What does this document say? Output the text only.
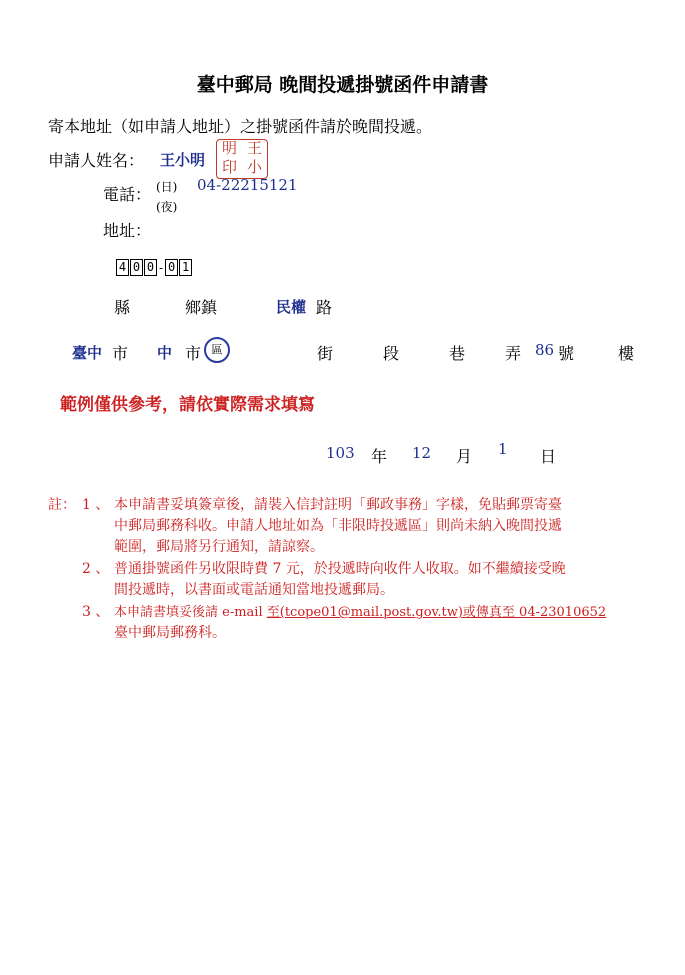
臺中郵局 晚間投遞掛號函件申請書
寄本地址（如申請人地址）之掛號函件請於晚間投遞。
申請人姓名： 王小明
明 王
印 小
電話： (日) 04-22215121
(夜)
地址：
4 0 0 - 0 1
縣	鄉鎮	民權 路
臺中 市 中 市 區	街	段	巷 弄 86 號	樓
範例僅供參考，請依實際需求填寫
103 年 12 月 1 日
註： 1 、 本申請書妥填簽章後，請裝入信封註明「郵政事務」字樣，免貼郵票寄臺
中郵局郵務科收。申請人地址如為「非限時投遞區」則尚未納入晚間投遞
範圍，郵局將另行通知，請諒察。
2 、 普通掛號函件另收限時費 7 元，於投遞時向收件人收取。如不繼續接受晚
間投遞時，以書面或電話通知當地投遞郵局。
3 、 本申請書填妥後請 e-mail 至(tcope01@mail.post.gov.tw)或傳真至 04-23010652
臺中郵局郵務科。
